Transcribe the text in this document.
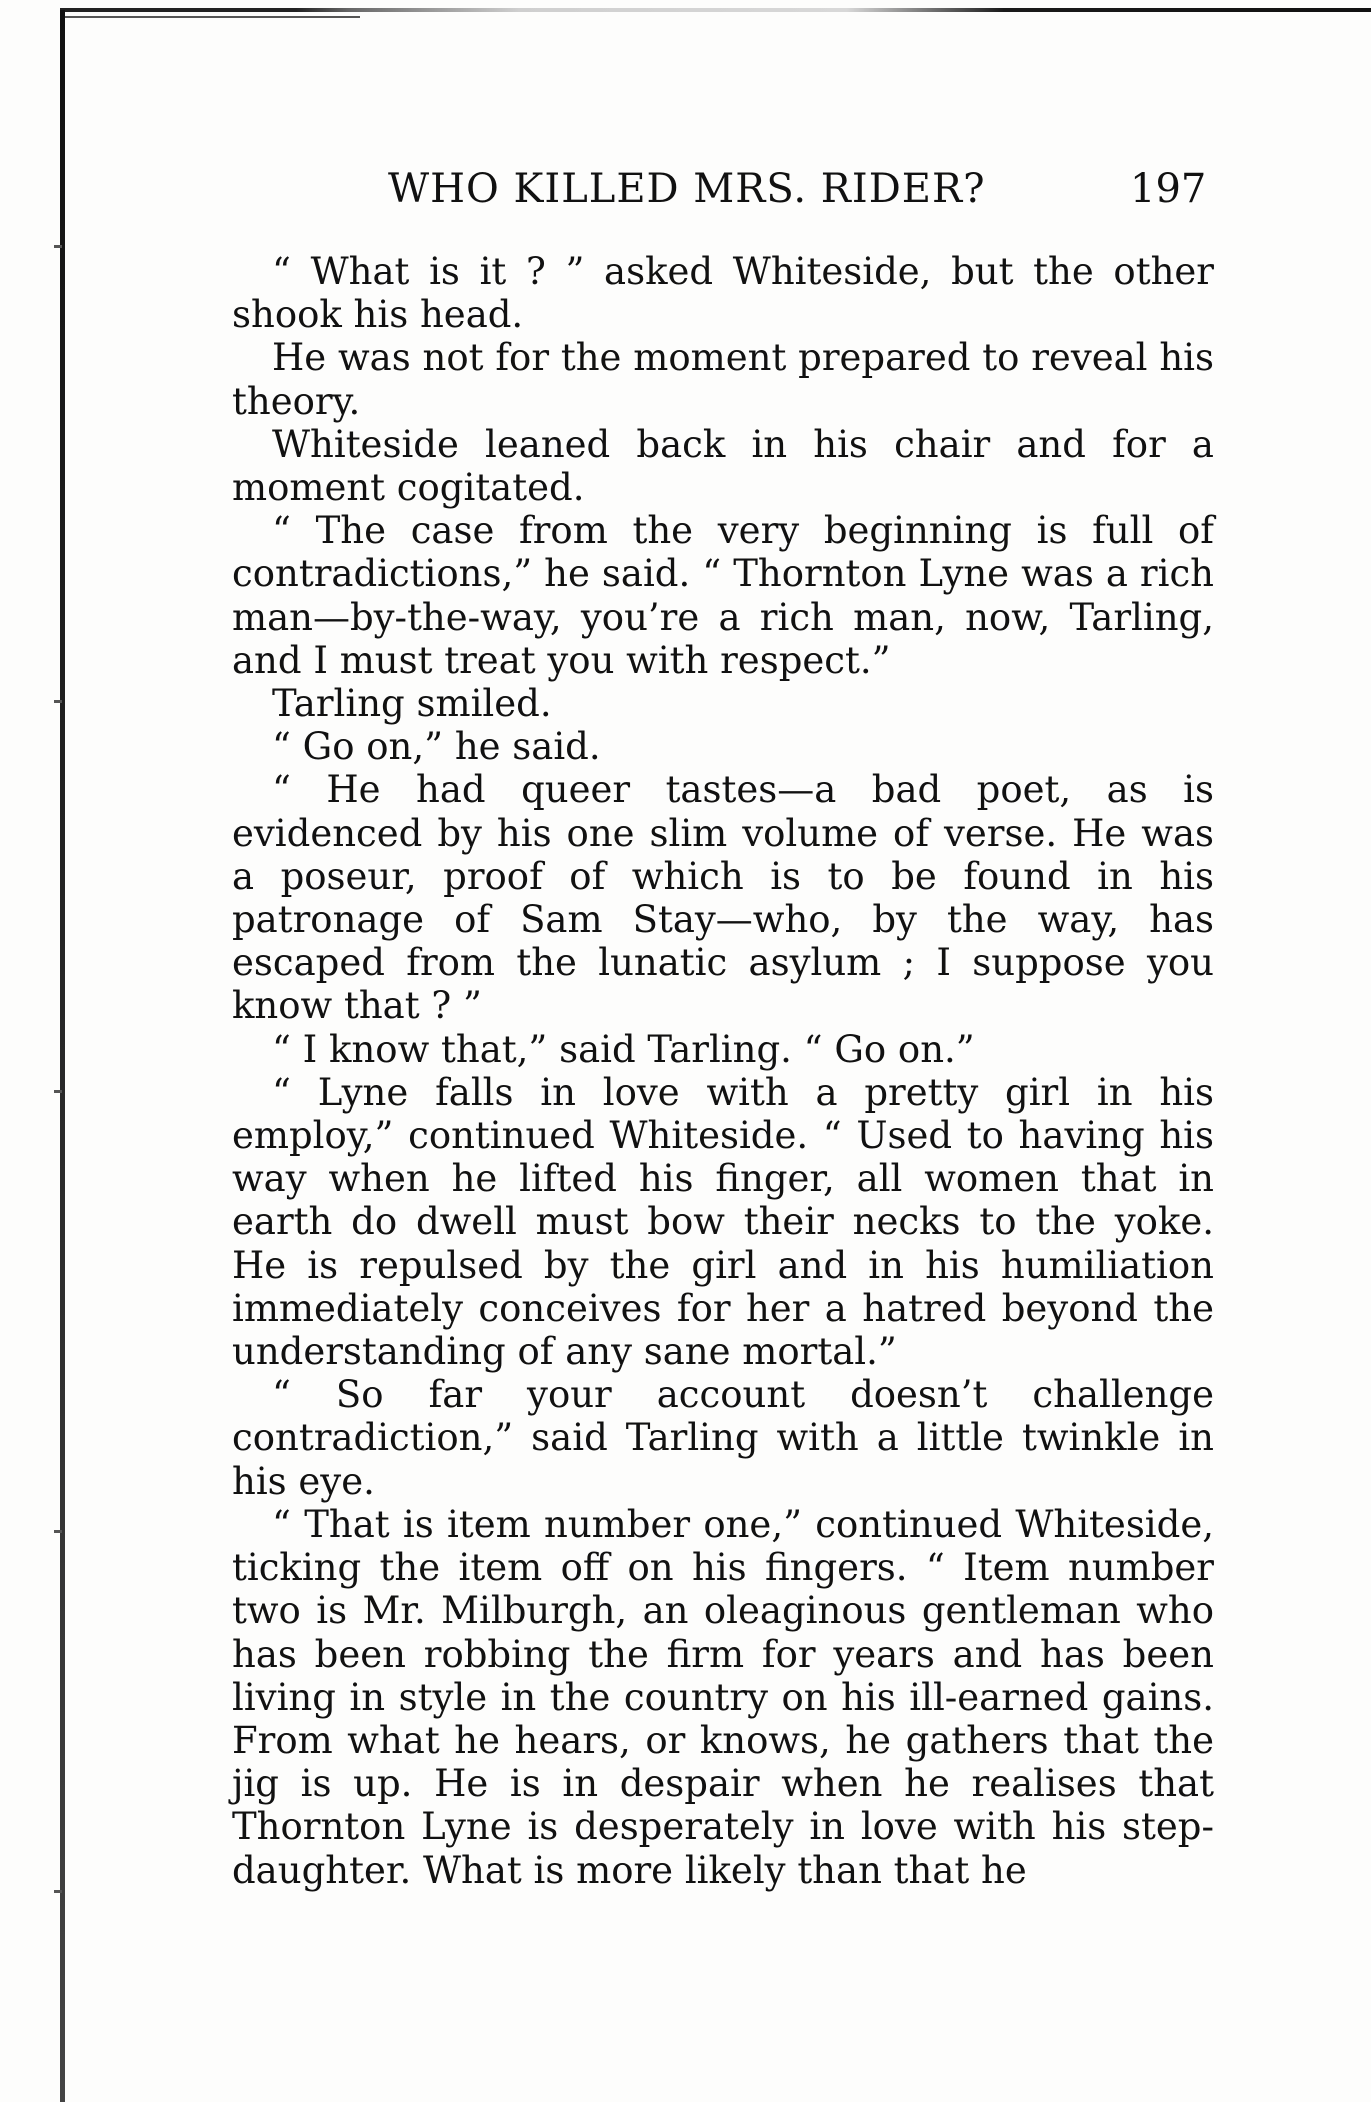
WHO KILLED MRS. RIDER?	197

“ What is it ? ” asked Whiteside, but the other shook his head.

He was not for the moment prepared to reveal his theory.

Whiteside leaned back in his chair and for a moment cogitated.

“ The case from the very beginning is full of contradictions,” he said. “ Thornton Lyne was a rich man—by-the-way, you’re a rich man, now, Tarling, and I must treat you with respect.”

Tarling smiled.

“ Go on,” he said.

“ He had queer tastes—a bad poet, as is evidenced by his one slim volume of verse. He was a poseur, proof of which is to be found in his patronage of Sam Stay—who, by the way, has escaped from the lunatic asylum ; I suppose you know that ? ”

“ I know that,” said Tarling. “ Go on.”

“ Lyne falls in love with a pretty girl in his employ,” continued Whiteside. “ Used to having his way when he lifted his finger, all women that in earth do dwell must bow their necks to the yoke. He is repulsed by the girl and in his humiliation immediately conceives for her a hatred beyond the understanding of any sane mortal.”

“ So far your account doesn’t challenge contradiction,” said Tarling with a little twinkle in his eye.

“ That is item number one,” continued Whiteside, ticking the item off on his fingers. “ Item number two is Mr. Milburgh, an oleaginous gentleman who has been robbing the firm for years and has been living in style in the country on his ill-earned gains. From what he hears, or knows, he gathers that the jig is up. He is in despair when he realises that Thornton Lyne is desperately in love with his step-daughter. What is more likely than that he
